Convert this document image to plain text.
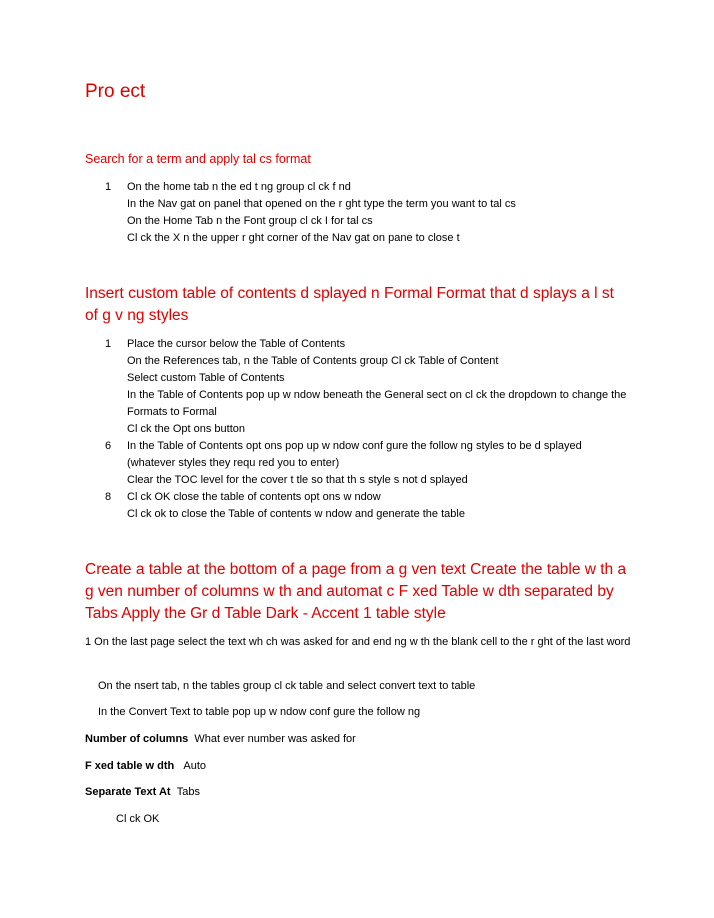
Pro ect
Search for a term and apply tal cs format
1 On the home tab n the ed t ng group cl ck f nd
In the Nav gat on panel that opened on the r ght type the term you want to tal cs
On the Home Tab n the Font group cl ck I for tal cs
Cl ck the X n the upper r ght corner of the Nav gat on pane to close t
Insert custom table of contents d splayed n Formal Format that d splays a l st of g v ng styles
1 Place the cursor below the Table of Contents
On the References tab, n the Table of Contents group Cl ck Table of Content
Select custom Table of Contents
In the Table of Contents pop up w ndow beneath the General sect on cl ck the dropdown to change the Formats to Formal
Cl ck the Opt ons button
6 In the Table of Contents opt ons pop up w ndow conf gure the follow ng styles to be d splayed (whatever styles they requ red you to enter)
Clear the TOC level for the cover t tle so that th s style s not d splayed
8 Cl ck OK close the table of contents opt ons w ndow
Cl ck ok to close the Table of contents w ndow and generate the table
Create a table at the bottom of a page from a g ven text Create the table w th a g ven number of columns w th and automat c F xed Table w dth separated by Tabs Apply the Gr d Table Dark - Accent 1 table style

1 On the last page select the text wh ch was asked for and end ng w th the blank cell to the r ght of the last word

On the nsert tab, n the tables group cl ck table and select convert text to table

In the Convert Text to table pop up w ndow conf gure the follow ng

Number of columns What ever number was asked for

F xed table w dth Auto

Separate Text At Tabs

Cl ck OK
